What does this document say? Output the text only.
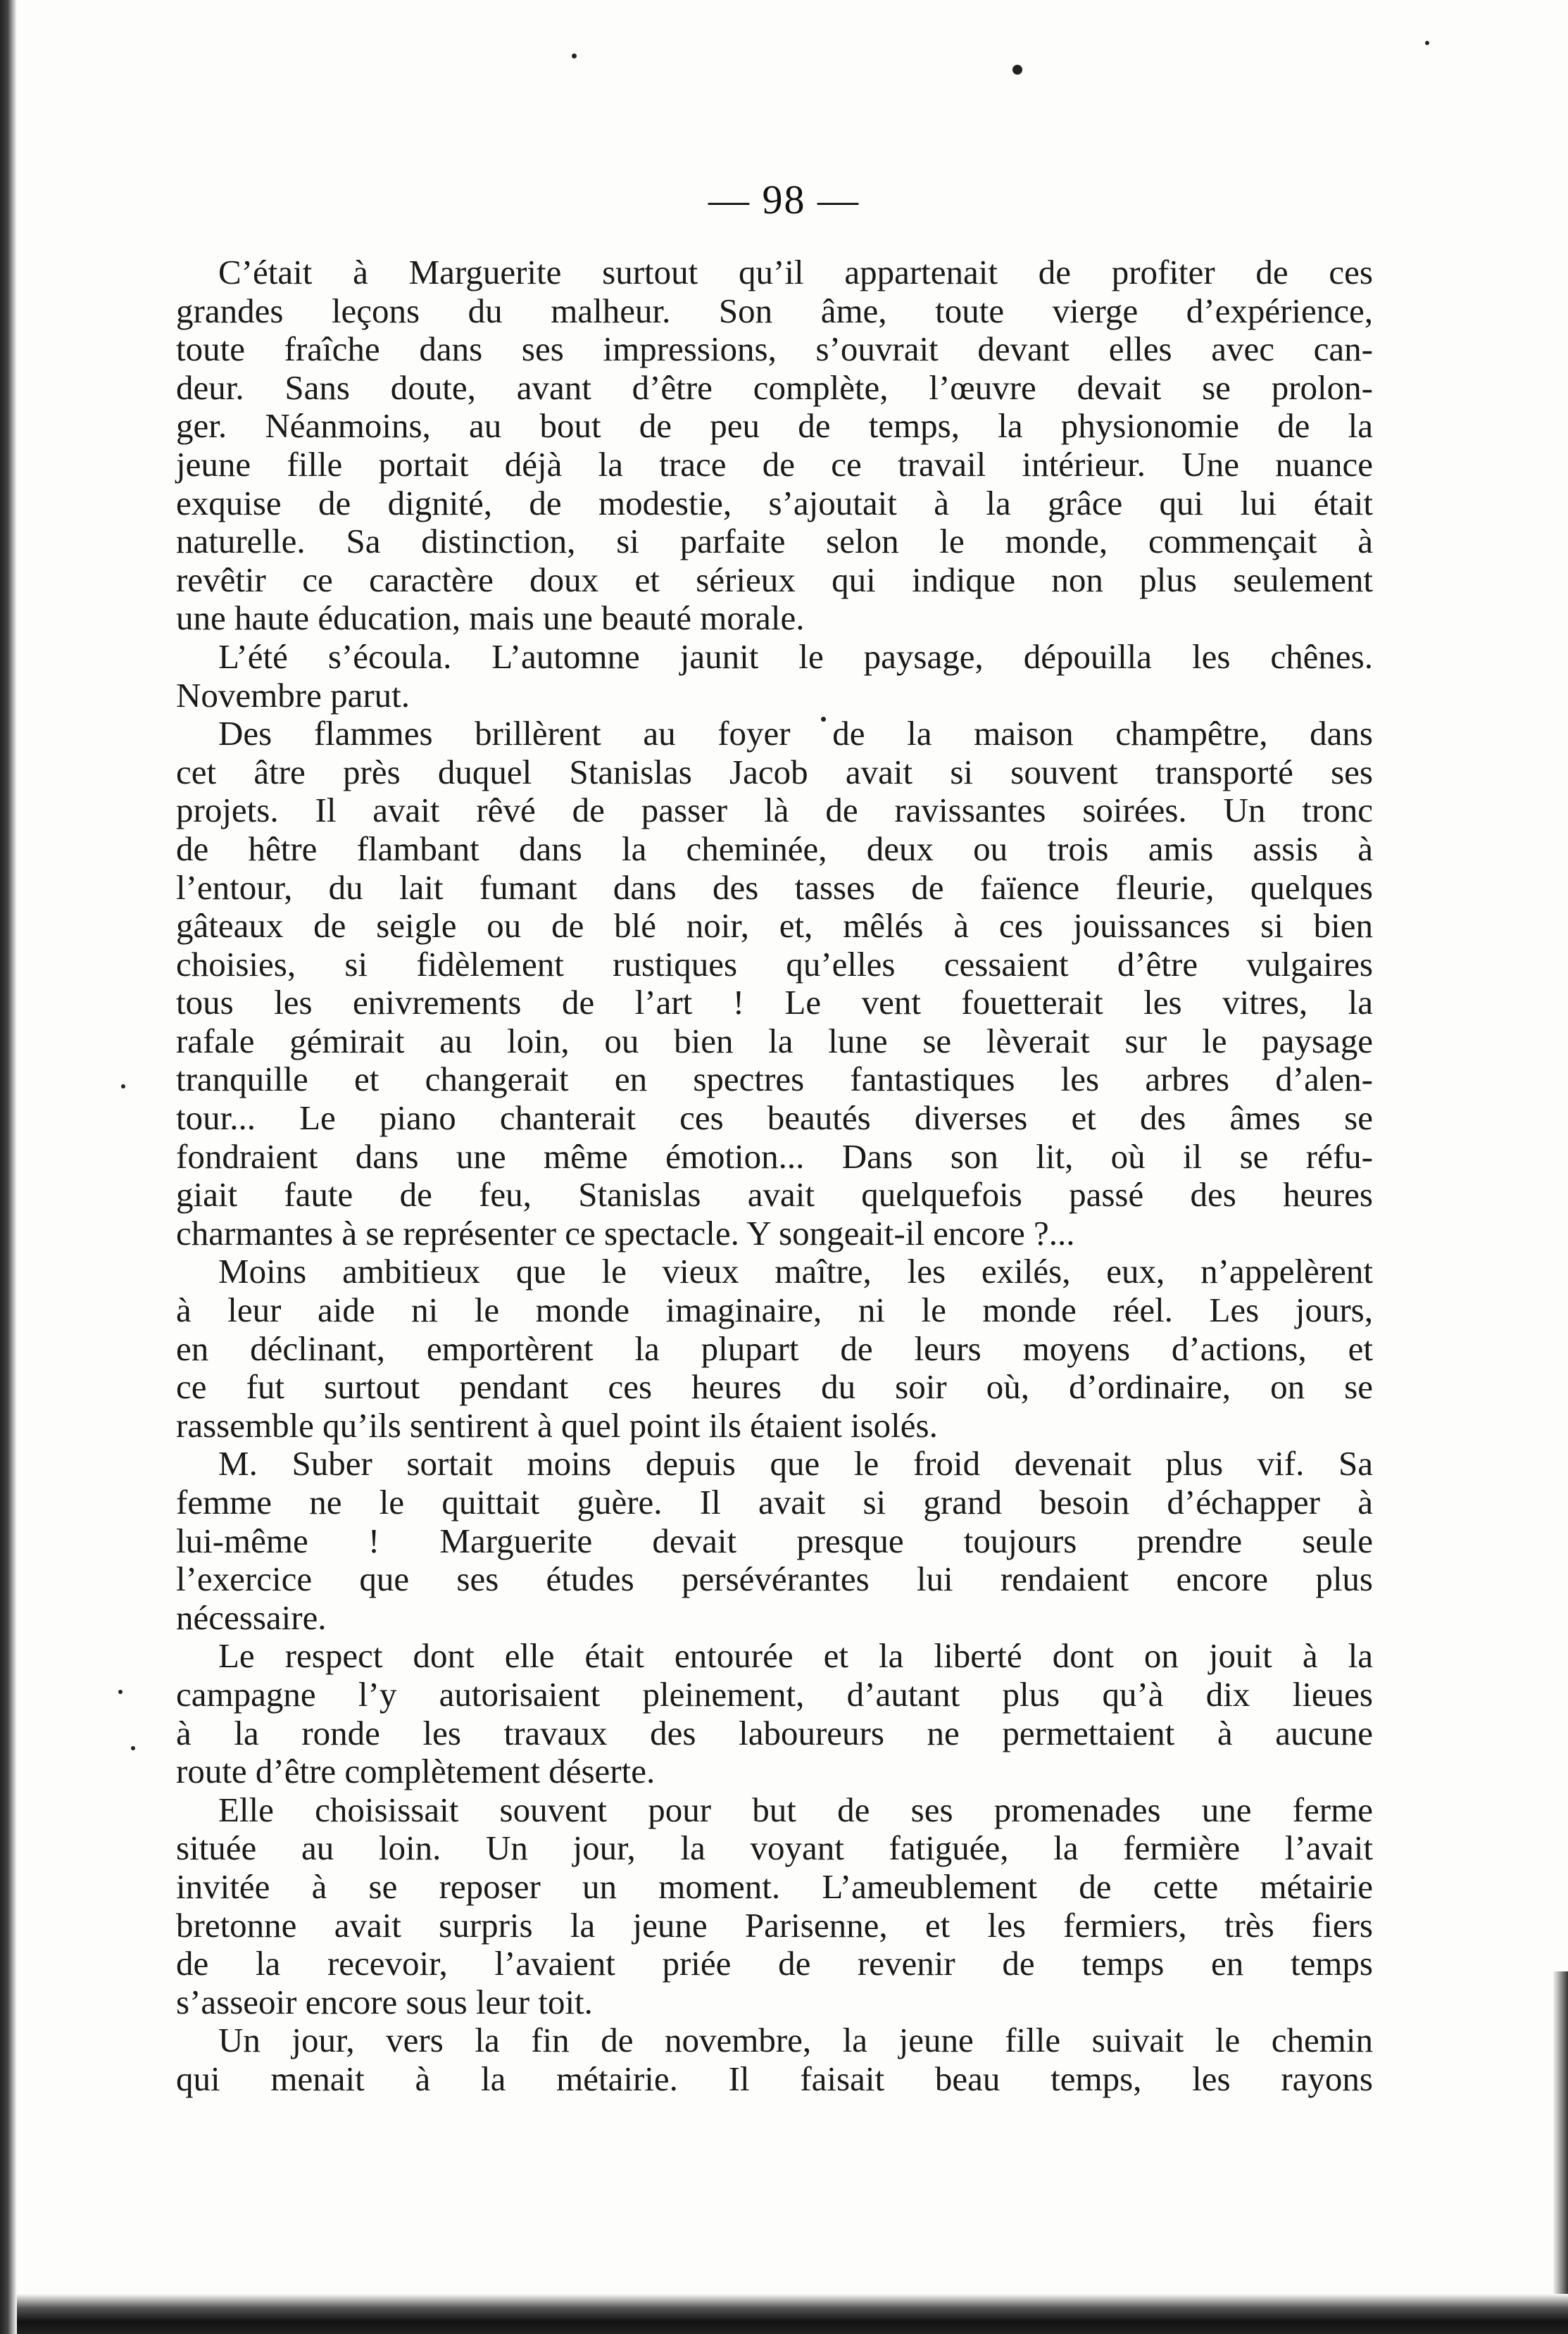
— 98 —
C’était à Marguerite surtout qu’il appartenait de profiter de ces
grandes leçons du malheur. Son âme, toute vierge d’expérience,
toute fraîche dans ses impressions, s’ouvrait devant elles avec can-
deur. Sans doute, avant d’être complète, l’œuvre devait se prolon-
ger. Néanmoins, au bout de peu de temps, la physionomie de la
jeune fille portait déjà la trace de ce travail intérieur. Une nuance
exquise de dignité, de modestie, s’ajoutait à la grâce qui lui était
naturelle. Sa distinction, si parfaite selon le monde, commençait à
revêtir ce caractère doux et sérieux qui indique non plus seulement
une haute éducation, mais une beauté morale.
L’été s’écoula. L’automne jaunit le paysage, dépouilla les chênes.
Novembre parut.
Des flammes brillèrent au foyer de la maison champêtre, dans
cet âtre près duquel Stanislas Jacob avait si souvent transporté ses
projets. Il avait rêvé de passer là de ravissantes soirées. Un tronc
de hêtre flambant dans la cheminée, deux ou trois amis assis à
l’entour, du lait fumant dans des tasses de faïence fleurie, quelques
gâteaux de seigle ou de blé noir, et, mêlés à ces jouissances si bien
choisies, si fidèlement rustiques qu’elles cessaient d’être vulgaires
tous les enivrements de l’art ! Le vent fouetterait les vitres, la
rafale gémirait au loin, ou bien la lune se lèverait sur le paysage
tranquille et changerait en spectres fantastiques les arbres d’alen-
tour... Le piano chanterait ces beautés diverses et des âmes se
fondraient dans une même émotion... Dans son lit, où il se réfu-
giait faute de feu, Stanislas avait quelquefois passé des heures
charmantes à se représenter ce spectacle. Y songeait-il encore ?...
Moins ambitieux que le vieux maître, les exilés, eux, n’appelèrent
à leur aide ni le monde imaginaire, ni le monde réel. Les jours,
en déclinant, emportèrent la plupart de leurs moyens d’actions, et
ce fut surtout pendant ces heures du soir où, d’ordinaire, on se
rassemble qu’ils sentirent à quel point ils étaient isolés.
M. Suber sortait moins depuis que le froid devenait plus vif. Sa
femme ne le quittait guère. Il avait si grand besoin d’échapper à
lui-même ! Marguerite devait presque toujours prendre seule
l’exercice que ses études persévérantes lui rendaient encore plus
nécessaire.
Le respect dont elle était entourée et la liberté dont on jouit à la
campagne l’y autorisaient pleinement, d’autant plus qu’à dix lieues
à la ronde les travaux des laboureurs ne permettaient à aucune
route d’être complètement déserte.
Elle choisissait souvent pour but de ses promenades une ferme
située au loin. Un jour, la voyant fatiguée, la fermière l’avait
invitée à se reposer un moment. L’ameublement de cette métairie
bretonne avait surpris la jeune Parisenne, et les fermiers, très fiers
de la recevoir, l’avaient priée de revenir de temps en temps
s’asseoir encore sous leur toit.
Un jour, vers la fin de novembre, la jeune fille suivait le chemin
qui menait à la métairie. Il faisait beau temps, les rayons
